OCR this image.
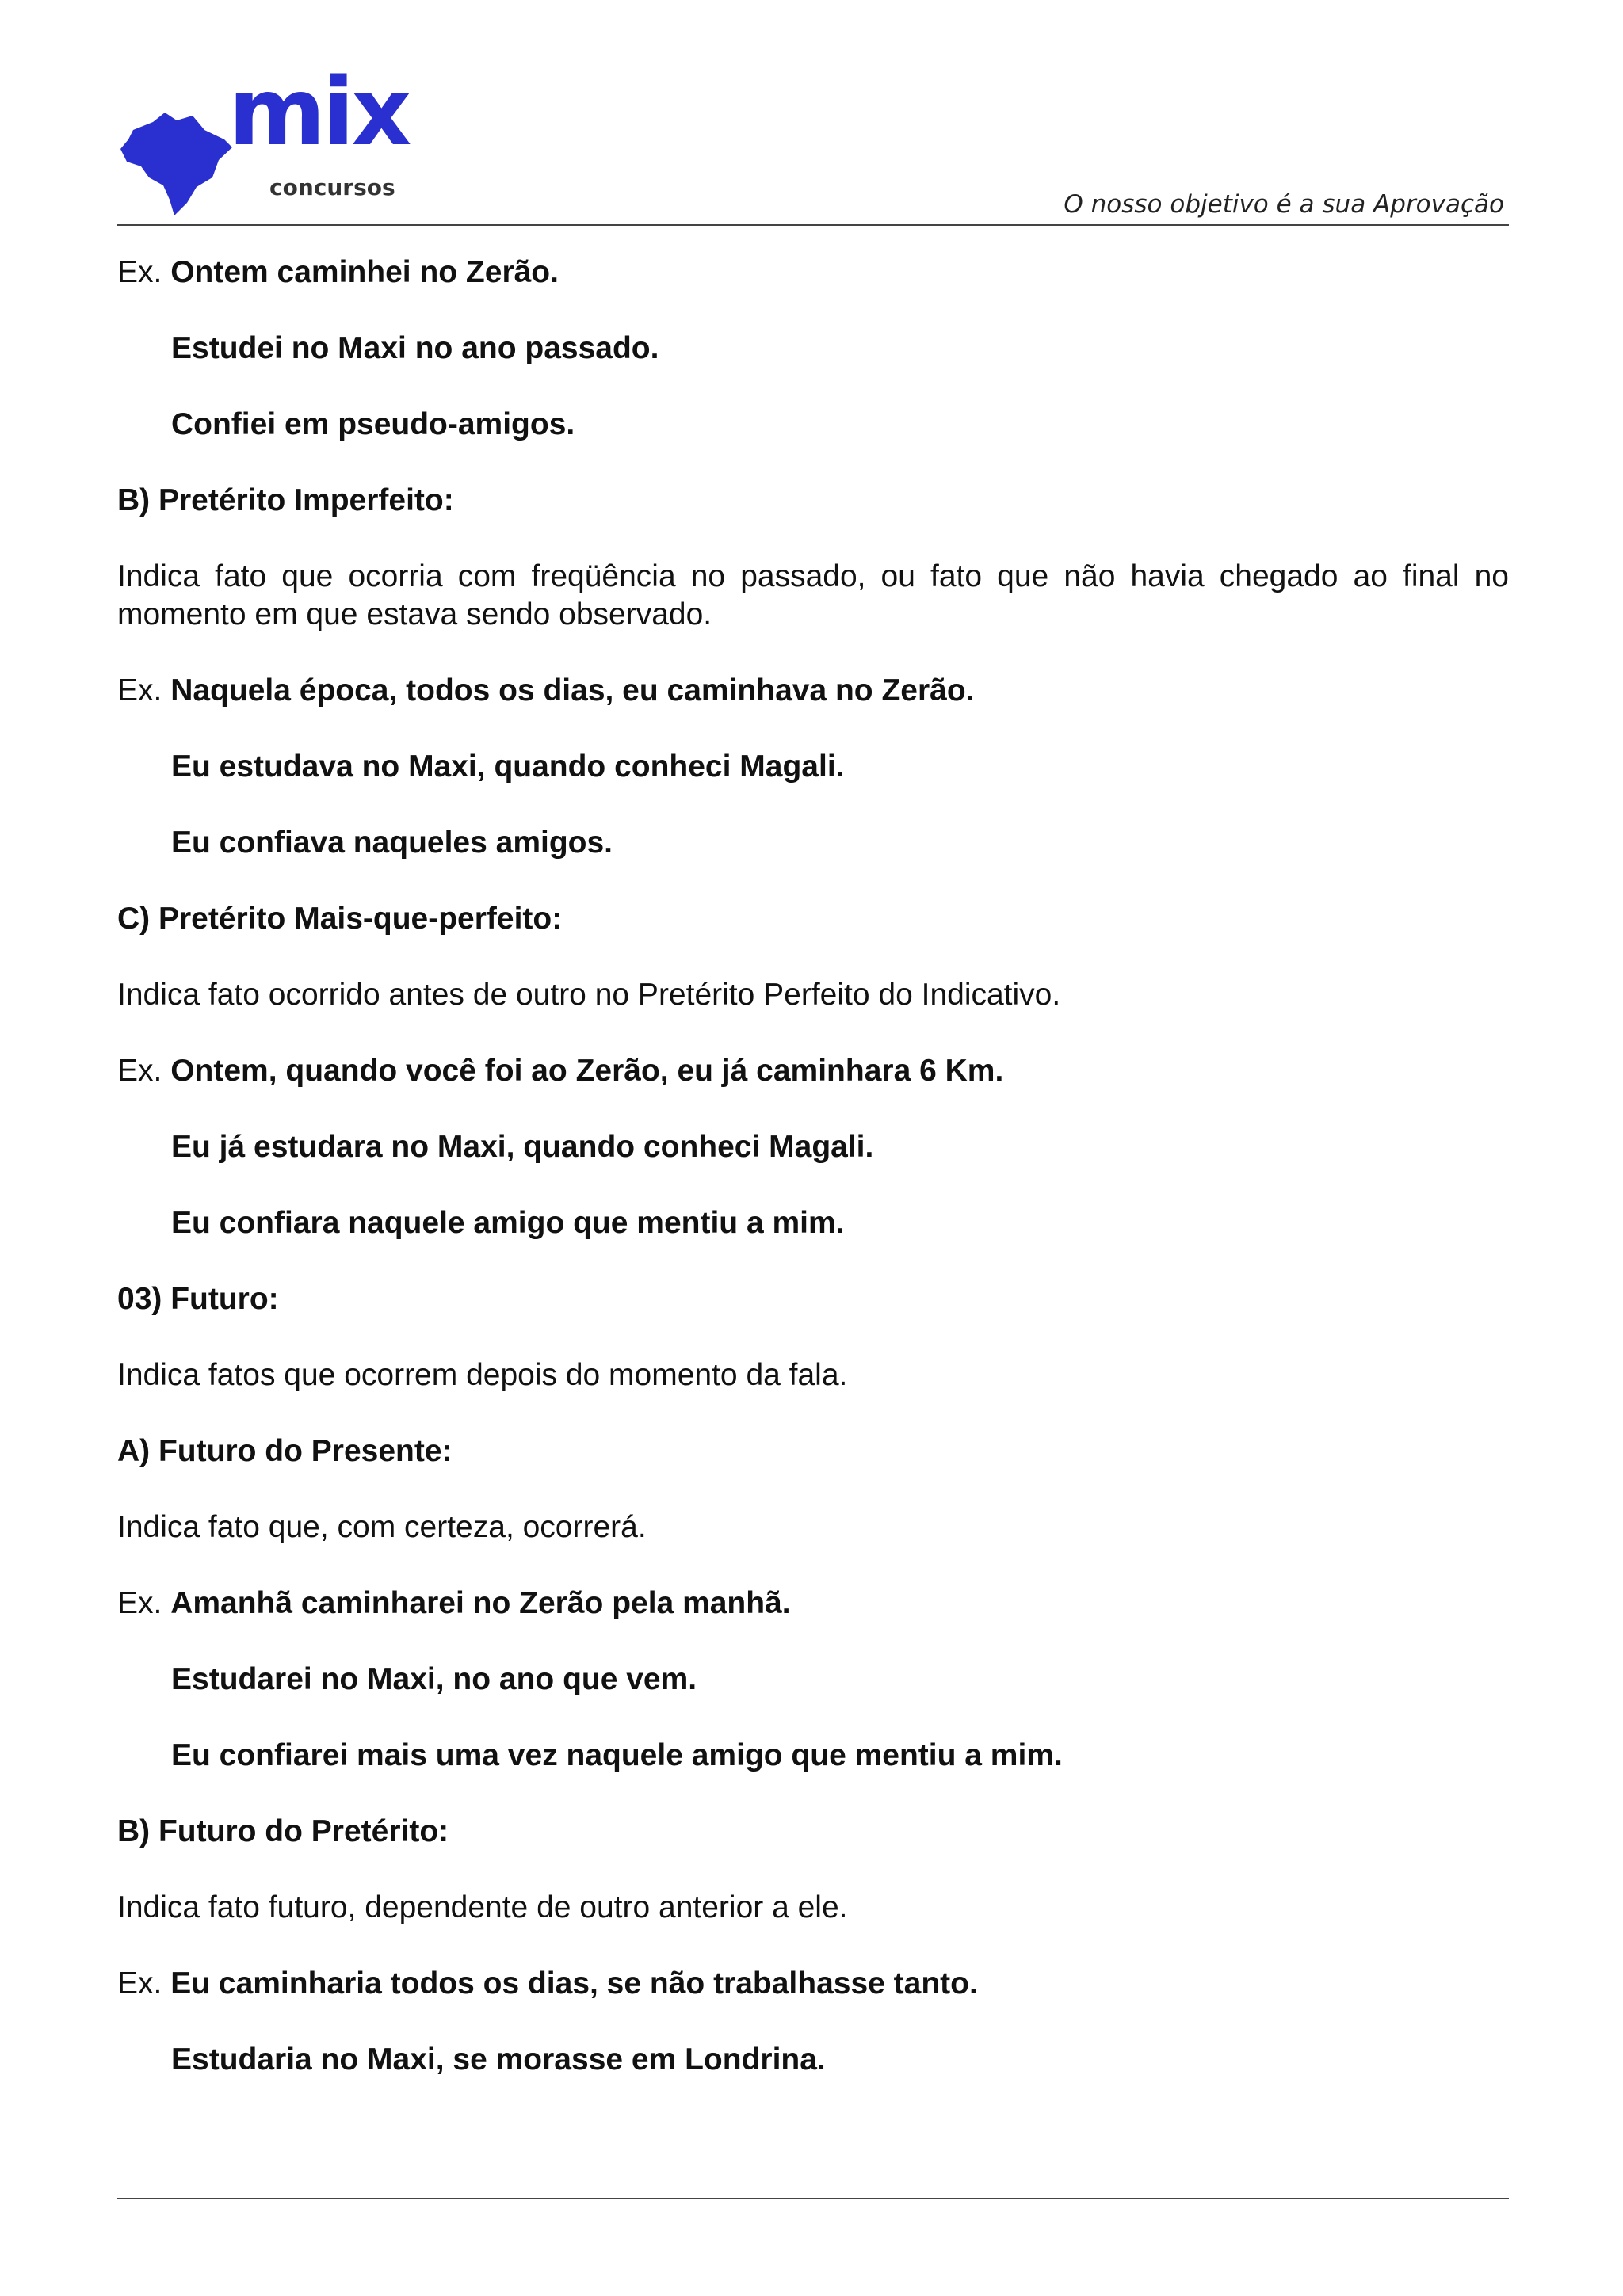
mix
concursos
O nosso objetivo é a sua Aprovação

Ex. Ontem caminhei no Zerão.

Estudei no Maxi no ano passado.

Confiei em pseudo-amigos.

B) Pretérito Imperfeito:

Indica fato que ocorria com freqüência no passado, ou fato que não havia chegado ao final no momento em que estava sendo observado.

Ex. Naquela época, todos os dias, eu caminhava no Zerão.

Eu estudava no Maxi, quando conheci Magali.

Eu confiava naqueles amigos.

C) Pretérito Mais-que-perfeito:

Indica fato ocorrido antes de outro no Pretérito Perfeito do Indicativo.

Ex. Ontem, quando você foi ao Zerão, eu já caminhara 6 Km.

Eu já estudara no Maxi, quando conheci Magali.

Eu confiara naquele amigo que mentiu a mim.

03) Futuro:

Indica fatos que ocorrem depois do momento da fala.

A) Futuro do Presente:

Indica fato que, com certeza, ocorrerá.

Ex. Amanhã caminharei no Zerão pela manhã.

Estudarei no Maxi, no ano que vem.

Eu confiarei mais uma vez naquele amigo que mentiu a mim.

B) Futuro do Pretérito:

Indica fato futuro, dependente de outro anterior a ele.

Ex. Eu caminharia todos os dias, se não trabalhasse tanto.

Estudaria no Maxi, se morasse em Londrina.
